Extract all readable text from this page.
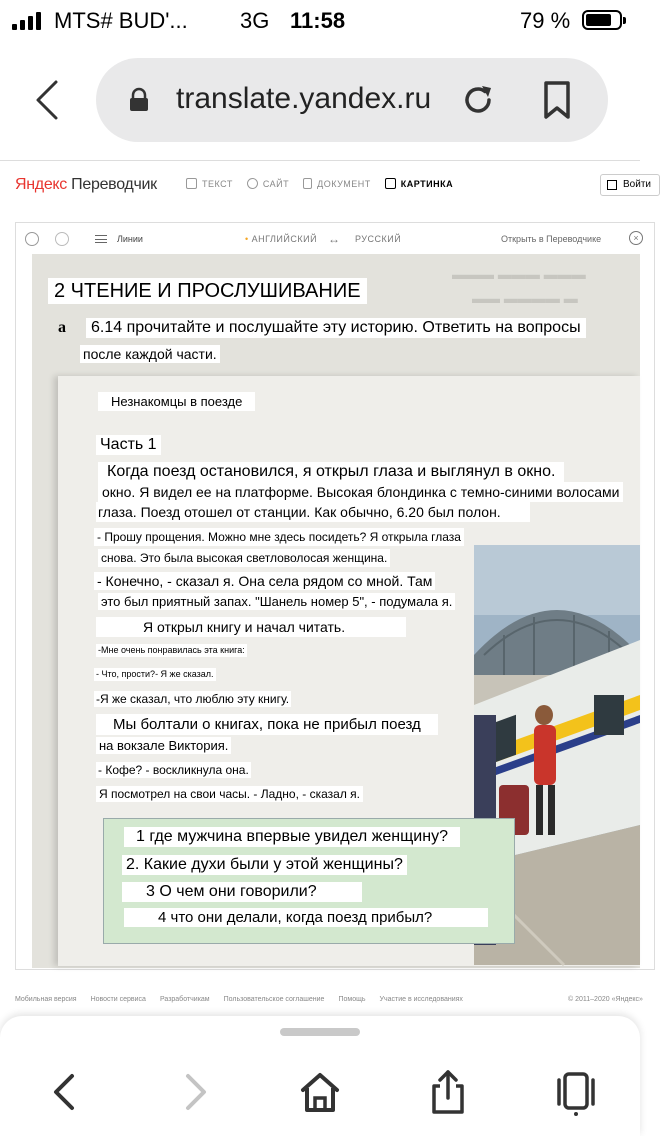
MTS# BUD'... 3G 11:58	79 %
translate.yandex.ru
Яндекс Переводчик	ТЕКСТ	САЙТ	ДОКУМЕНТ	КАРТИНКА	Войти
Линии
•	АНГЛИЙСКИЙ ↔ РУССКИЙ	Открыть в Переводчике	×
▬▬▬ ▬▬▬ ▬▬▬
▬▬ ▬▬▬▬ ▬
2 ЧТЕНИЕ И ПРОСЛУШИВАНИЕ
a	6.14 прочитайте и послушайте эту историю. Ответить на вопросы
после каждой части.
Незнакомцы в поезде
Часть 1
Когда поезд остановился, я открыл глаза и выглянул в окно.
окно. Я видел ее на платформе. Высокая блондинка с темно-синими волосами
глаза. Поезд отошел от станции. Как обычно, 6.20 был полон.
- Прошу прощения. Можно мне здесь посидеть? Я открыла глаза
снова. Это была высокая светловолосая женщина.
- Конечно, - сказал я. Она села рядом со мной. Там
это был приятный запах. "Шанель номер 5", - подумала я.
Я открыл книгу и начал читать.
-Мне очень понравилась эта книга:
- Что, прости?- Я же сказал.
-Я же сказал, что люблю эту книгу.
Мы болтали о книгах, пока не прибыл поезд
на вокзале Виктория.
- Кофе? - воскликнула она.
Я посмотрел на свои часы. - Ладно, - сказал я.
1 где мужчина впервые увидел женщину?
2. Какие духи были у этой женщины?
3 О чем они говорили?
4 что они делали, когда поезд прибыл?
Мобильная версия Новости сервиса Разработчикам Пользовательское соглашение Помощь Участие в исследованиях	© 2011–2020 «Яндекс»
